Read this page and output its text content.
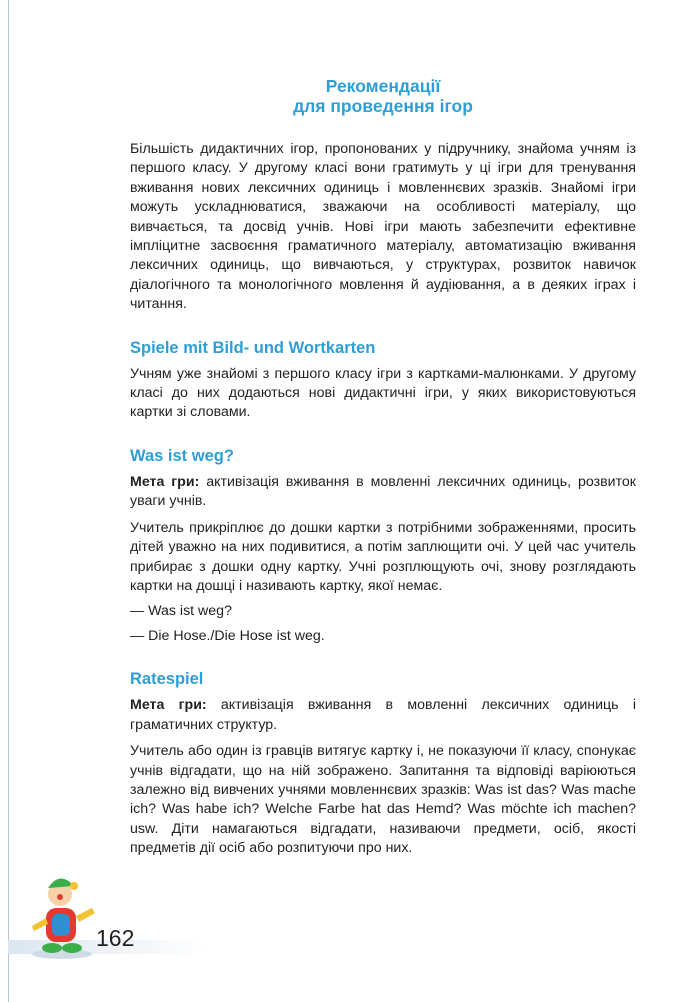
Рекомендації
для проведення ігор

Більшість дидактичних ігор, пропонованих у підручнику, знайома учням із першого класу. У другому класі вони гратимуть у ці ігри для тренування вживання нових лексичних одиниць і мовленнєвих зразків. Знайомі ігри можуть ускладнюватися, зважаючи на особливості матеріалу, що вивчається, та досвід учнів. Нові ігри мають забезпечити ефективне імпліцитне засвоєння граматичного матеріалу, автоматизацію вживання лексичних одиниць, що вивчаються, у структурах, розвиток навичок діалогічного та монологічного мовлення й аудіювання, а в деяких іграх і читання.

Spiele mit Bild- und Wortkarten

Учням уже знайомі з першого класу ігри з картками-малюнками. У другому класі до них додаються нові дидактичні ігри, у яких використовуються картки зі словами.

Was ist weg?

Мета гри: активізація вживання в мовленні лексичних одиниць, розвиток уваги учнів.

Учитель прикріплює до дошки картки з потрібними зображеннями, просить дітей уважно на них подивитися, а потім заплющити очі. У цей час учитель прибирає з дошки одну картку. Учні розплющують очі, знову розглядають картки на дошці і називають картку, якої немає.

— Was ist weg?
— Die Hose./Die Hose ist weg.
Ratespiel

Мета гри: активізація вживання в мовленні лексичних одиниць і граматичних структур.

Учитель або один із гравців витягує картку і, не показуючи її класу, спонукає учнів відгадати, що на ній зображено. Запитання та відповіді варіюються залежно від вивчених учнями мовленнєвих зразків: Was ist das? Was mache ich? Was habe ich? Welche Farbe hat das Hemd? Was möchte ich machen? usw. Діти намагаються відгадати, називаючи предмети, осіб, якості предметів дії осіб або розпитуючи про них.

162
